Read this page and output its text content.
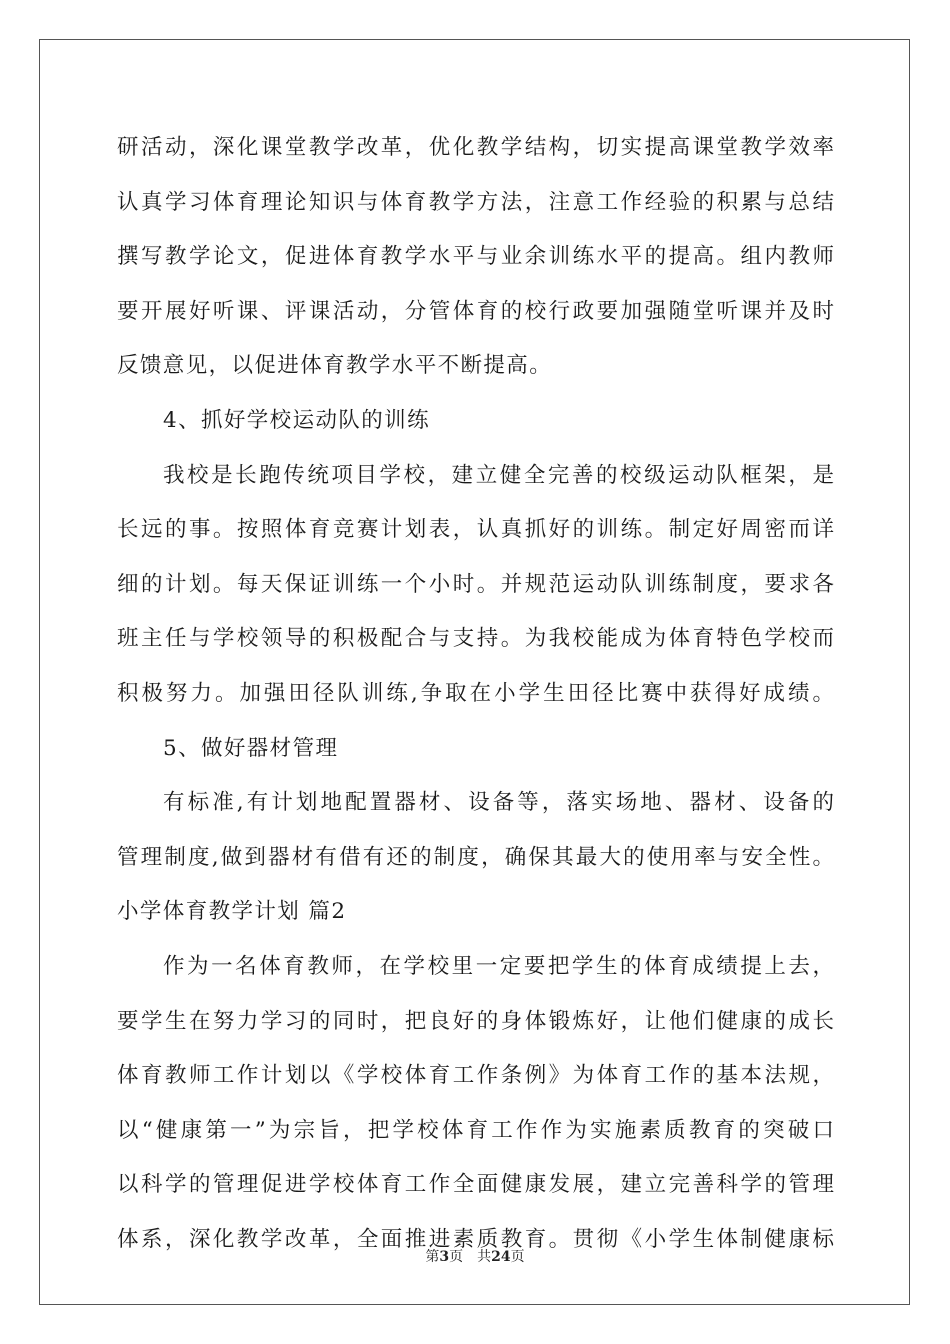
研活动，深化课堂教学改革，优化教学结构，切实提高课堂教学效率
认真学习体育理论知识与体育教学方法，注意工作经验的积累与总结
撰写教学论文，促进体育教学水平与业余训练水平的提高。组内教师
要开展好听课、评课活动，分管体育的校行政要加强随堂听课并及时
反馈意见，以促进体育教学水平不断提高。
4、抓好学校运动队的训练
我校是长跑传统项目学校，建立健全完善的校级运动队框架，是
长远的事。按照体育竞赛计划表，认真抓好的训练。制定好周密而详
细的计划。每天保证训练一个小时。并规范运动队训练制度，要求各
班主任与学校领导的积极配合与支持。为我校能成为体育特色学校而
积极努力。加强田径队训练,争取在小学生田径比赛中获得好成绩。
5、做好器材管理
有标准,有计划地配置器材、设备等，落实场地、器材、设备的
管理制度,做到器材有借有还的制度，确保其最大的使用率与安全性。
小学体育教学计划 篇2
作为一名体育教师，在学校里一定要把学生的体育成绩提上去，
要学生在努力学习的同时，把良好的身体锻炼好，让他们健康的成长
体育教师工作计划以《学校体育工作条例》为体育工作的基本法规，
以“健康第一”为宗旨，把学校体育工作作为实施素质教育的突破口
以科学的管理促进学校体育工作全面健康发展，建立完善科学的管理
体系，深化教学改革，全面推进素质教育。贯彻《小学生体制健康标
第3页 共24页
